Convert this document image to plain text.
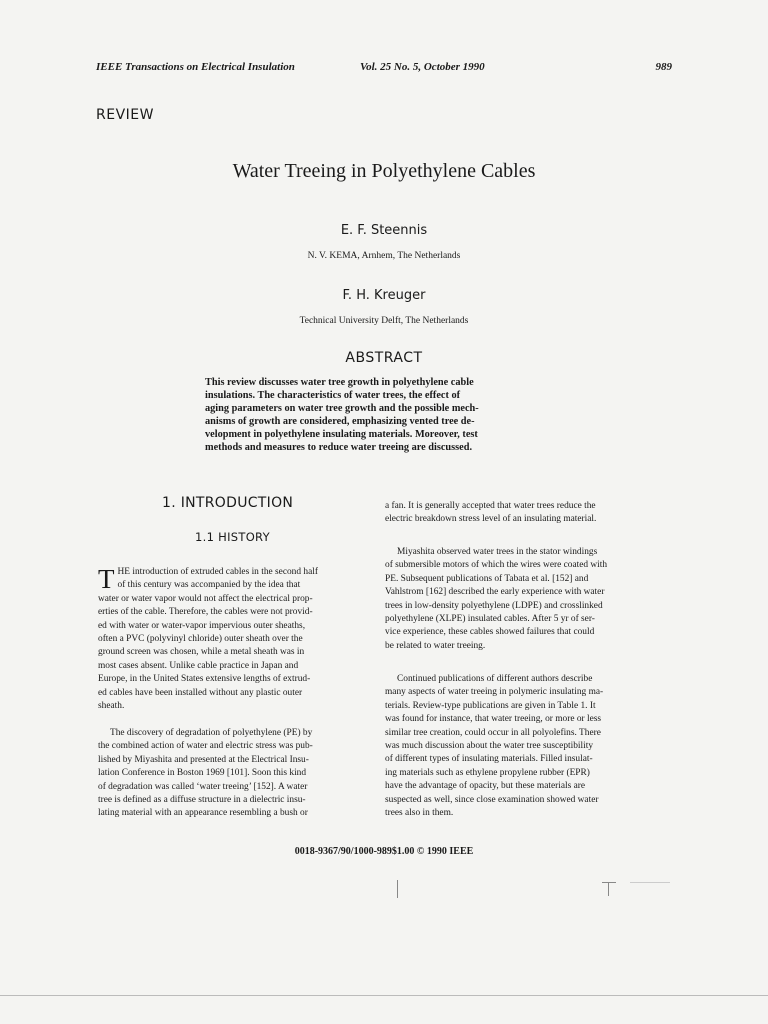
IEEE Transactions on Electrical Insulation	Vol. 25 No. 5, October 1990	989
REVIEW
Water Treeing in Polyethylene Cables
E. F. Steennis
N. V. KEMA, Arnhem, The Netherlands
F. H. Kreuger
Technical University Delft, The Netherlands
ABSTRACT
This review discusses water tree growth in polyethylene cable
insulations. The characteristics of water trees, the effect of
aging parameters on water tree growth and the possible mech-
anisms of growth are considered, emphasizing vented tree de-
velopment in polyethylene insulating materials. Moreover, test
methods and measures to reduce water treeing are discussed.
1. INTRODUCTION
1.1 HISTORY
T HE introduction of extruded cables in the second half
of this century was accompanied by the idea that
water or water vapor would not affect the electrical prop-
erties of the cable. Therefore, the cables were not provid-
ed with water or water-vapor impervious outer sheaths,
often a PVC (polyvinyl chloride) outer sheath over the
ground screen was chosen, while a metal sheath was in
most cases absent. Unlike cable practice in Japan and
Europe, in the United States extensive lengths of extrud-
ed cables have been installed without any plastic outer
sheath.
The discovery of degradation of polyethylene (PE) by
the combined action of water and electric stress was pub-
lished by Miyashita and presented at the Electrical Insu-
lation Conference in Boston 1969 [101]. Soon this kind
of degradation was called ‘water treeing’ [152]. A water
tree is defined as a diffuse structure in a dielectric insu-
lating material with an appearance resembling a bush or
a fan. It is generally accepted that water trees reduce the
electric breakdown stress level of an insulating material.
Miyashita observed water trees in the stator windings
of submersible motors of which the wires were coated with
PE. Subsequent publications of Tabata et al. [152] and
Vahlstrom [162] described the early experience with water
trees in low-density polyethylene (LDPE) and crosslinked
polyethylene (XLPE) insulated cables. After 5 yr of ser-
vice experience, these cables showed failures that could
be related to water treeing.
Continued publications of different authors describe
many aspects of water treeing in polymeric insulating ma-
terials. Review-type publications are given in Table 1. It
was found for instance, that water treeing, or more or less
similar tree creation, could occur in all polyolefins. There
was much discussion about the water tree susceptibility
of different types of insulating materials. Filled insulat-
ing materials such as ethylene propylene rubber (EPR)
have the advantage of opacity, but these materials are
suspected as well, since close examination showed water
trees also in them.
0018-9367/90/1000-989$1.00 © 1990 IEEE
